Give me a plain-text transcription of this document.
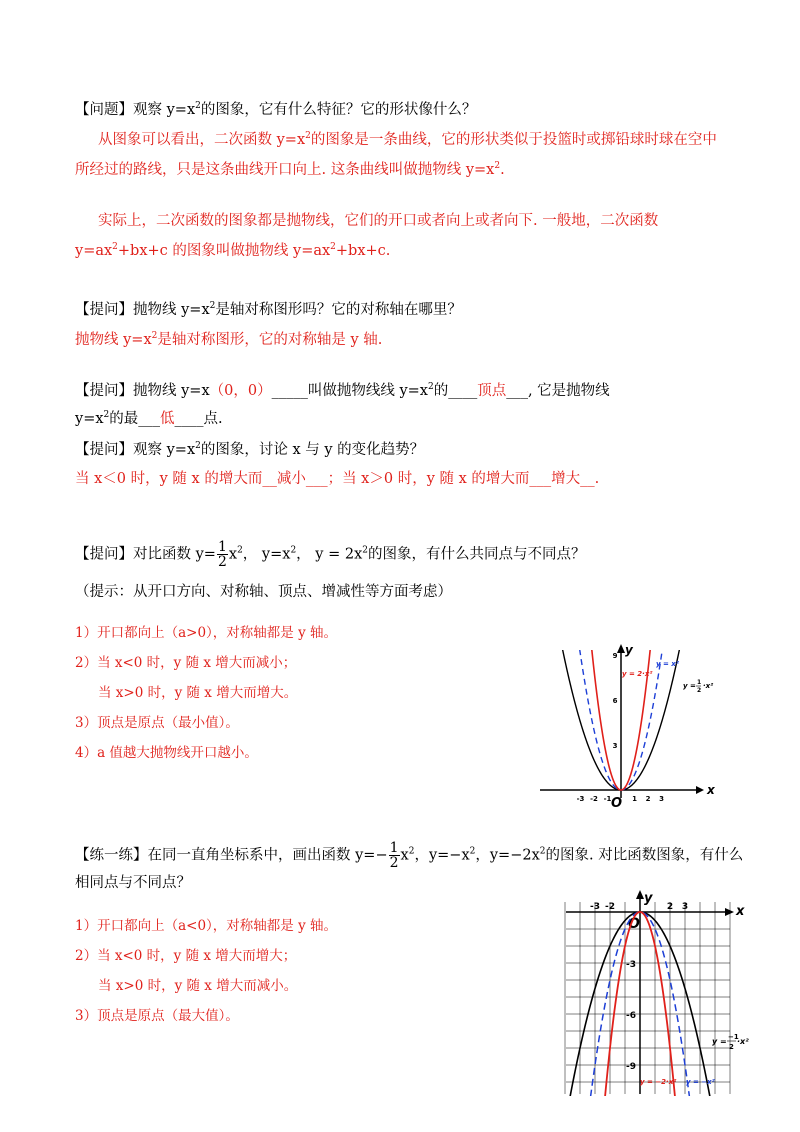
【问题】观察 $y=x^2$的图象，它有什么特征？它的形状像什么？
从图象可以看出，二次函数 $y=x^2$的图象是一条曲线，它的形状类似于投篮时或掷铅球时球在空中
所经过的路线，只是这条曲线开口向上. 这条曲线叫做抛物线 $y=x^2$.
实际上，二次函数的图象都是抛物线，它们的开口或者向上或者向下. 一般地，二次函数
$y=ax^2+bx+c$ 的图象叫做抛物线 $y=ax^2+bx+c$.
【提问】抛物线 $y=x^2$是轴对称图形吗？它的对称轴在哪里？
抛物线 $y=x^2$是轴对称图形，它的对称轴是 y 轴.
【提问】抛物线 y=x（0，0）_____叫做抛物线线 $y=x^2$的____顶点___, 它是抛物线
$y=x^2$的最___低____点.
【提问】观察 $y=x^2$的图象，讨论 x 与 y 的变化趋势？
当 x＜0 时，y 随 x 的增大而__减小___；当 x＞0 时，y 随 x 的增大而___增大__.
【提问】对比函数 $y= \frac{1}{2} x^2$， $y=x^2$， $y = 2x^2$的图象，有什么共同点与不同点？
（提示：从开口方向、对称轴、顶点、增减性等方面考虑）
1）开口都向上（a>0），对称轴都是 y 轴。
2）当 x<0 时，y 随 x 增大而减小；
当 x>0 时，y 随 x 增大而增大。
3）顶点是原点（最小值）。
4）a 值越大抛物线开口越小。
x
y
O
-3 -2 -1	1 2 3
3
6
9
y = 2·x²
y = x²
y = 1
2
·x²
【练一练】在同一直角坐标系中，画出函数 $y=- \frac{1}{2} x^2$，$y=-x^2$，$y=-2x^2$的图象. 对比函数图象，有什么
相同点与不同点？
1）开口都向上（a<0），对称轴都是 y 轴。
2）当 x<0 时，y 随 x 增大而增大；
当 x>0 时，y 随 x 增大而减小。
3）顶点是原点（最大值）。
x
y
O
-3 -2	2 3
-3
-6
-9
y = −1
2
·x²
y = −2·x² y = −x²
